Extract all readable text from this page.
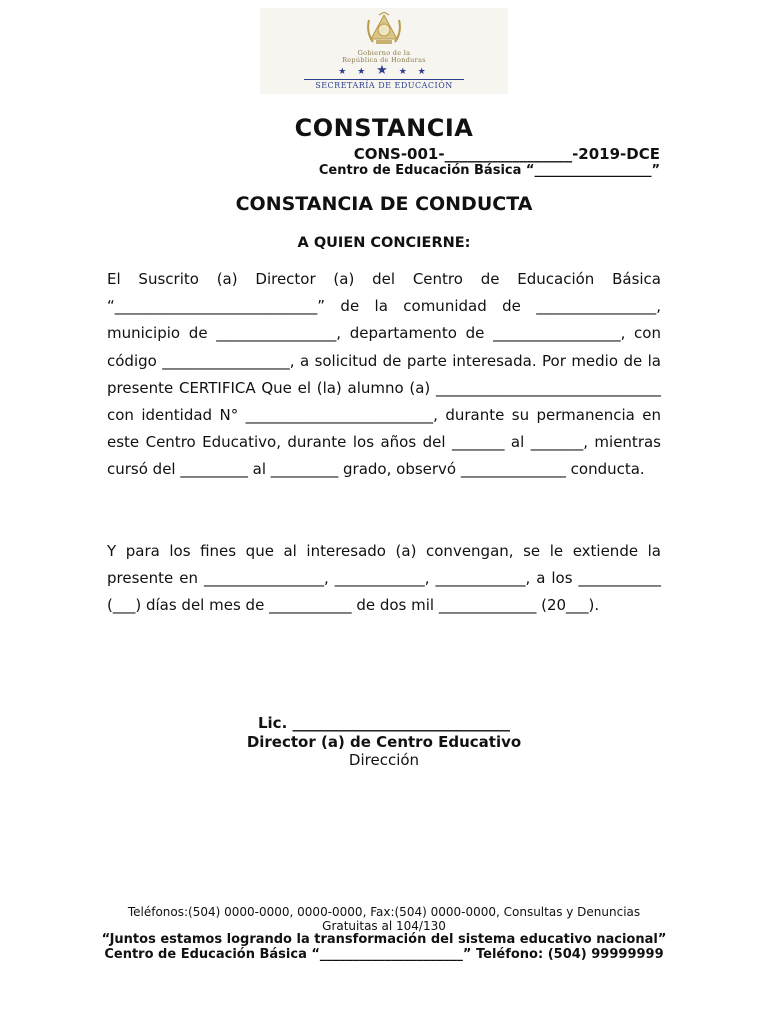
Gobierno de la
República de Honduras
★ ★ ★ ★ ★
SECRETARÍA DE EDUCACIÓN
CONSTANCIA
CONS-001-_________________-2019-DCE
Centro de Educación Básica “__________________”
CONSTANCIA DE CONDUCTA
A QUIEN CONCIERNE:

El Suscrito (a) Director (a) del Centro de Educación Básica “___________________________” de la comunidad de ________________, municipio de ________________, departamento de _________________, con código _________________, a solicitud de parte interesada. Por medio de la presente CERTIFICA Que el (la) alumno (a) ______________________________ con identidad N° _________________________, durante su permanencia en este Centro Educativo, durante los años del _______ al _______, mientras cursó del _________ al _________ grado, observó ______________ conducta.

Y para los fines que al interesado (a) convengan, se le extiende la presente en ________________, ____________, ____________, a los ___________ (___) días del mes de ___________ de dos mil _____________ (20___).

Lic. _____________________________
Director (a) de Centro Educativo
Dirección
Teléfonos:(504) 0000-0000, 0000-0000, Fax:(504) 0000-0000, Consultas y Denuncias Gratuitas al 104/130
“Juntos estamos logrando la transformación del sistema educativo nacional”
Centro de Educación Básica “______________________” Teléfono: (504) 99999999
